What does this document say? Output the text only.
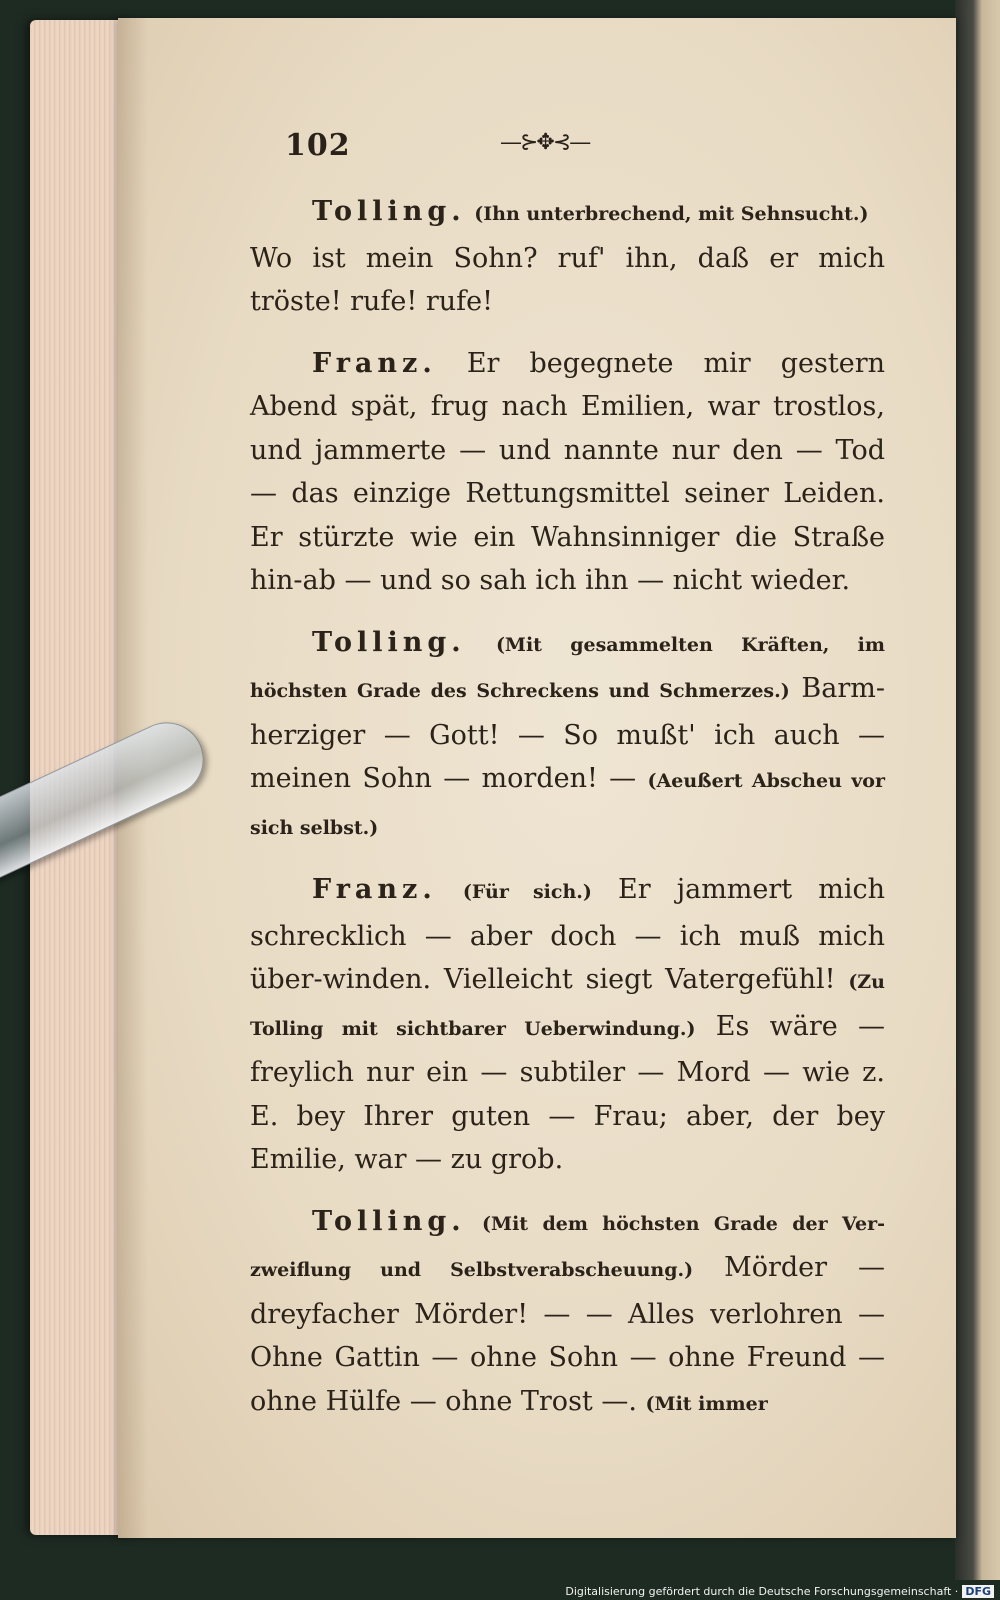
102	—⊱✥⊰—

Tolling. (Ihn unterbrechend, mit Sehnsucht.)
Wo ist mein Sohn? ruf' ihn, daß er mich tröste! rufe! rufe!

Franz. Er begegnete mir gestern Abend spät, frug nach Emilien, war trostlos, und jammerte — und nannte nur den — Tod — das einzige Rettungsmittel seiner Leiden. Er stürzte wie ein Wahnsinniger die Straße hin-ab — und so sah ich ihn — nicht wieder.

Tolling. (Mit gesammelten Kräften, im höchsten Grade des Schreckens und Schmerzes.) Barm-herziger — Gott! — So mußt' ich auch — meinen Sohn — morden! — (Aeußert Abscheu vor sich selbst.)

Franz. (Für sich.) Er jammert mich schrecklich — aber doch — ich muß mich über-winden. Vielleicht siegt Vatergefühl! (Zu Tolling mit sichtbarer Ueberwindung.) Es wäre — freylich nur ein — subtiler — Mord — wie z. E. bey Ihrer guten — Frau; aber, der bey Emilie, war — zu grob.

Tolling. (Mit dem höchsten Grade der Ver-zweiflung und Selbstverabscheuung.) Mörder — dreyfacher Mörder! — — Alles verlohren — Ohne Gattin — ohne Sohn — ohne Freund — ohne Hülfe — ohne Trost —. (Mit immer

Digitalisierung gefördert durch die Deutsche Forschungsgemeinschaft · DFG
